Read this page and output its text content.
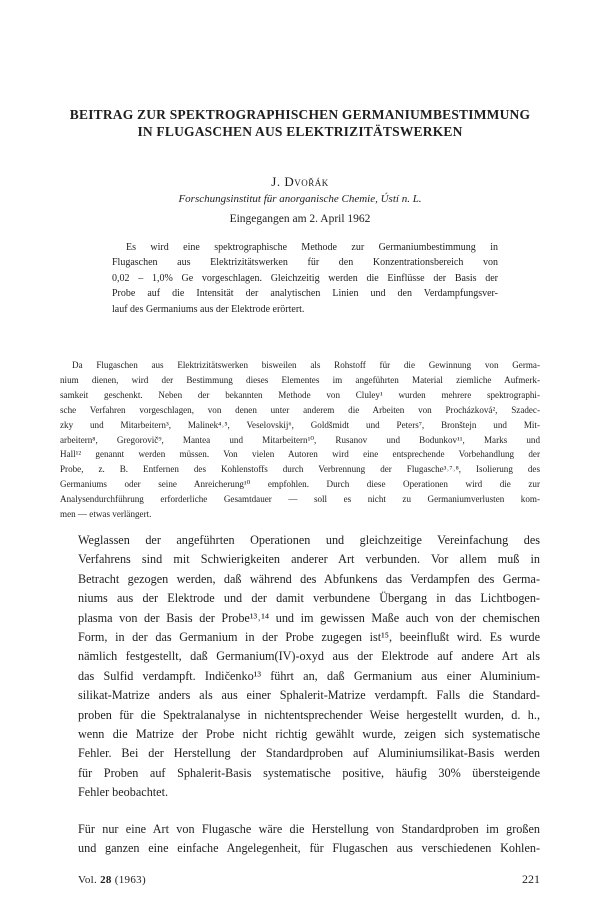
BEITRAG ZUR SPEKTROGRAPHISCHEN GERMANIUMBESTIMMUNG
IN FLUGASCHEN AUS ELEKTRIZITÄTSWERKEN
J. Dvořák
Forschungsinstitut für anorganische Chemie, Ústí n. L.
Eingegangen am 2. April 1962
Es wird eine spektrographische Methode zur Germaniumbestimmung in
Flugaschen aus Elektrizitätswerken für den Konzentrationsbereich von
0,02 – 1,0% Ge vorgeschlagen. Gleichzeitig werden die Einflüsse der Basis der
Probe auf die Intensität der analytischen Linien und den Verdampfungsver-
lauf des Germaniums aus der Elektrode erörtert.
Da Flugaschen aus Elektrizitätswerken bisweilen als Rohstoff für die Gewinnung von Germa-
nium dienen, wird der Bestimmung dieses Elementes im angeführten Material ziemliche Aufmerk-
samkeit geschenkt. Neben der bekannten Methode von Cluley¹ wurden mehrere spektrographi-
sche Verfahren vorgeschlagen, von denen unter anderem die Arbeiten von Procházková², Szadec-
zky und Mitarbeitern³, Malinek⁴˒⁵, Veselovskij⁶, Goldšmidt und Peters⁷, Bronštejn und Mit-
arbeitern⁸, Gregorovič⁹, Mantea und Mitarbeitern¹⁰, Rusanov und Bodunkov¹¹, Marks und
Hall¹² genannt werden müssen. Von vielen Autoren wird eine entsprechende Vorbehandlung der
Probe, z. B. Entfernen des Kohlenstoffs durch Verbrennung der Flugasche³˒⁷˒⁸, Isolierung des
Germaniums oder seine Anreicherung¹⁰ empfohlen. Durch diese Operationen wird die zur
Analysendurchführung erforderliche Gesamtdauer — soll es nicht zu Germaniumverlusten kom-
men — etwas verlängert.
Weglassen der angeführten Operationen und gleichzeitige Vereinfachung des
Verfahrens sind mit Schwierigkeiten anderer Art verbunden. Vor allem muß in
Betracht gezogen werden, daß während des Abfunkens das Verdampfen des Germa-
niums aus der Elektrode und der damit verbundene Übergang in das Lichtbogen-
plasma von der Basis der Probe¹³˒¹⁴ und im gewissen Maße auch von der chemischen
Form, in der das Germanium in der Probe zugegen ist¹⁵, beeinflußt wird. Es wurde
nämlich festgestellt, daß Germanium(IV)-oxyd aus der Elektrode auf andere Art als
das Sulfid verdampft. Indičenko¹³ führt an, daß Germanium aus einer Aluminium-
silikat-Matrize anders als aus einer Sphalerit-Matrize verdampft. Falls die Standard-
proben für die Spektralanalyse in nichtentsprechender Weise hergestellt wurden, d. h.,
wenn die Matrize der Probe nicht richtig gewählt wurde, zeigen sich systematische
Fehler. Bei der Herstellung der Standardproben auf Aluminiumsilikat-Basis werden
für Proben auf Sphalerit-Basis systematische positive, häufig 30% übersteigende
Fehler beobachtet.
Für nur eine Art von Flugasche wäre die Herstellung von Standardproben im großen
und ganzen eine einfache Angelegenheit, für Flugaschen aus verschiedenen Kohlen-
Vol. 28 (1963)	221
